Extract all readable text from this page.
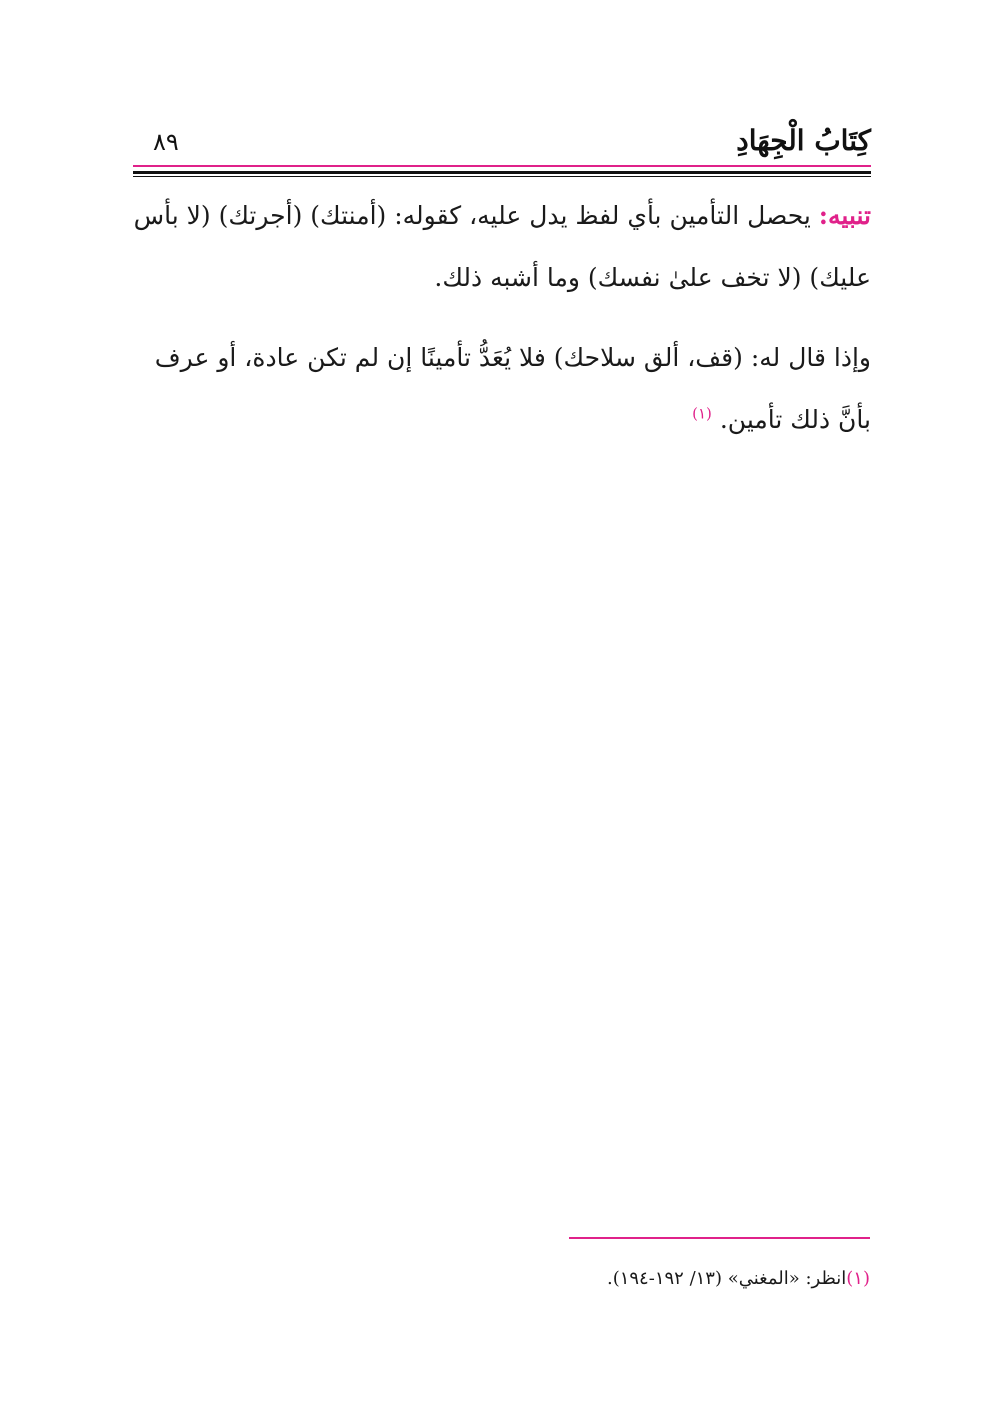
كِتَابُ الْجِهَادِ
٨٩

تنبيه: يحصل التأمين بأي لفظ يدل عليه، كقوله: (أمنتك) (أجرتك) (لا بأس عليك) (لا تخف علىٰ نفسك) وما أشبه ذلك.

وإذا قال له: (قف، ألق سلاحك) فلا يُعَدُّ تأمينًا إن لم تكن عادة، أو عرف بأنَّ ذلك تأمين. $^{(١)}$

(١)انظر: «المغني» (١٣/ ١٩٢-١٩٤).
